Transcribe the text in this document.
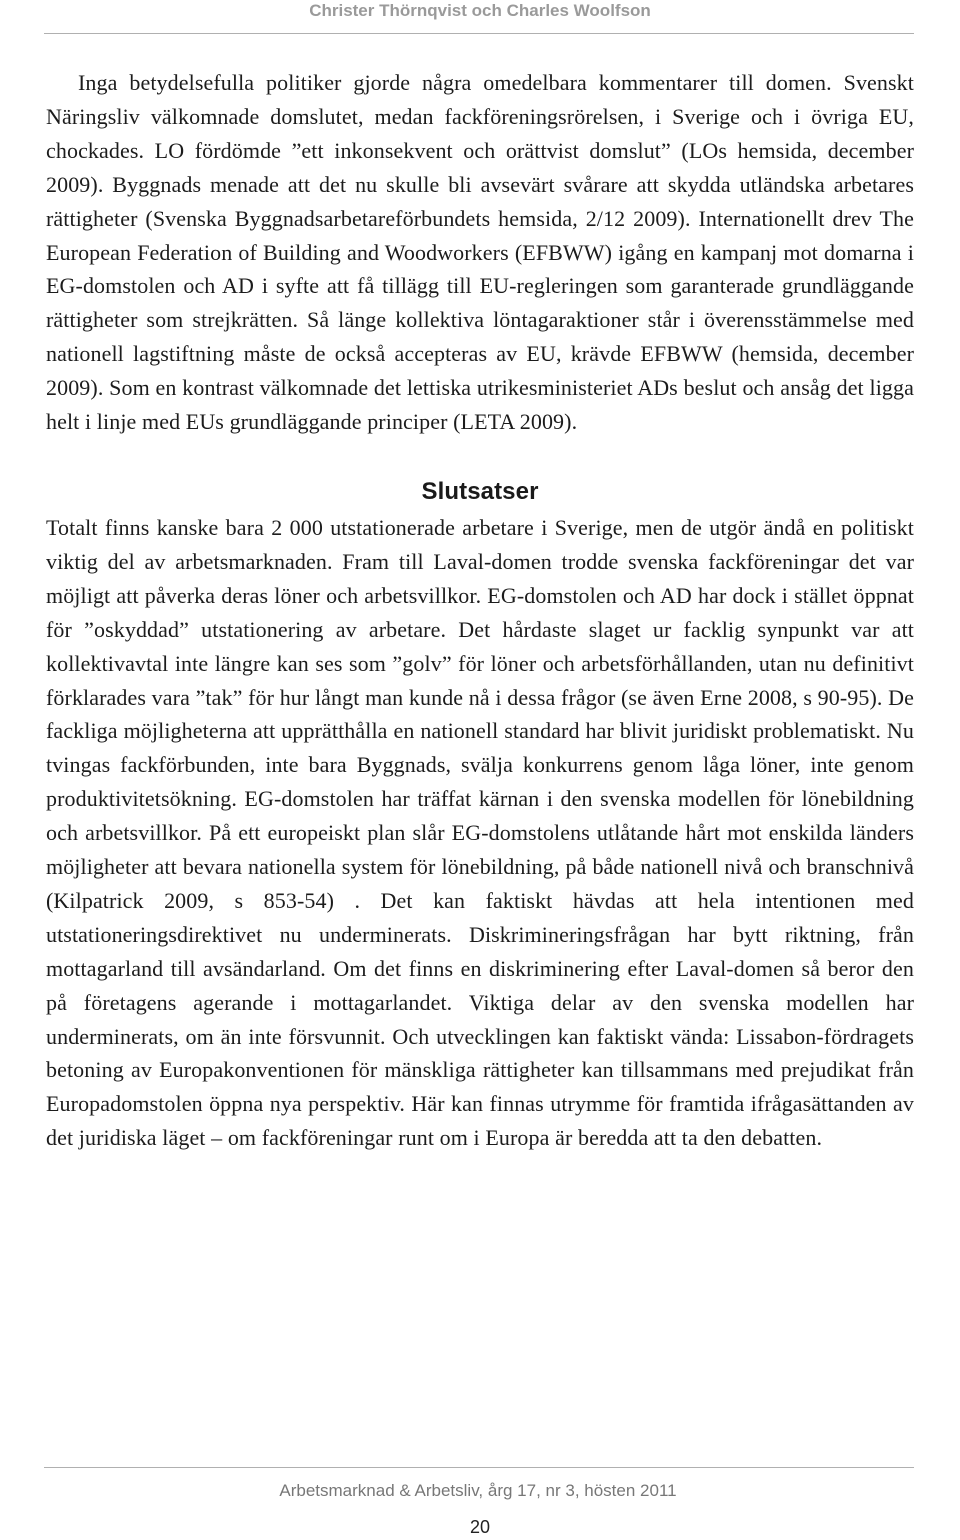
Christer Thörnqvist och Charles Woolfson

Inga betydelsefulla politiker gjorde några omedelbara kommentarer till domen. Svenskt Näringsliv välkomnade domslutet, medan fackföreningsrörelsen, i Sverige och i övriga EU, chockades. LO fördömde ”ett inkonsekvent och orättvist domslut” (LOs hemsida, december 2009). Byggnads menade att det nu skulle bli avsevärt svårare att skydda utländska arbetares rättigheter (Svenska Byggnadsarbetareförbundets hemsida, 2/12 2009). Internationellt drev The European Federation of Building and Woodworkers (EFBWW) igång en kampanj mot domarna i EG-domstolen och AD i syfte att få tillägg till EU-regleringen som garanterade grundläggande rättigheter som strejkrätten. Så länge kollektiva löntagaraktioner står i överensstämmelse med nationell lagstiftning måste de också accepteras av EU, krävde EFBWW (hemsida, december 2009). Som en kontrast välkomnade det lettiska utrikesministeriet ADs beslut och ansåg det ligga helt i linje med EUs grundläggande principer (LETA 2009).

Slutsatser

Totalt finns kanske bara 2 000 utstationerade arbetare i Sverige, men de utgör ändå en politiskt viktig del av arbetsmarknaden. Fram till Laval-domen trodde svenska fackföreningar det var möjligt att påverka deras löner och arbetsvillkor. EG-domstolen och AD har dock i stället öppnat för ”oskyddad” utstationering av arbetare. Det hårdaste slaget ur facklig synpunkt var att kollektivavtal inte längre kan ses som ”golv” för löner och arbetsförhållanden, utan nu definitivt förklarades vara ”tak” för hur långt man kunde nå i dessa frågor (se även Erne 2008, s 90-95). De fackliga möjligheterna att upprätthålla en nationell standard har blivit juridiskt problematiskt. Nu tvingas fackförbunden, inte bara Byggnads, svälja konkurrens genom låga löner, inte genom produktivitetsökning. EG-domstolen har träffat kärnan i den svenska modellen för lönebildning och arbetsvillkor. På ett europeiskt plan slår EG-domstolens utlåtande hårt mot enskilda länders möjligheter att bevara nationella system för lönebildning, på både nationell nivå och branschnivå (Kilpatrick 2009, s 853-54) . Det kan faktiskt hävdas att hela intentionen med utstationeringsdirektivet nu underminerats. Diskrimineringsfrågan har bytt riktning, från mottagarland till avsändarland. Om det finns en diskriminering efter Laval-domen så beror den på företagens agerande i mottagarlandet. Viktiga delar av den svenska modellen har underminerats, om än inte försvunnit. Och utvecklingen kan faktiskt vända: Lissabon-fördragets betoning av Europakonventionen för mänskliga rättigheter kan tillsammans med prejudikat från Europadomstolen öppna nya perspektiv. Här kan finnas utrymme för framtida ifrågasättanden av det juridiska läget – om fackföreningar runt om i Europa är beredda att ta den debatten.

Arbetsmarknad & Arbetsliv, årg 17, nr 3, hösten 2011
20
